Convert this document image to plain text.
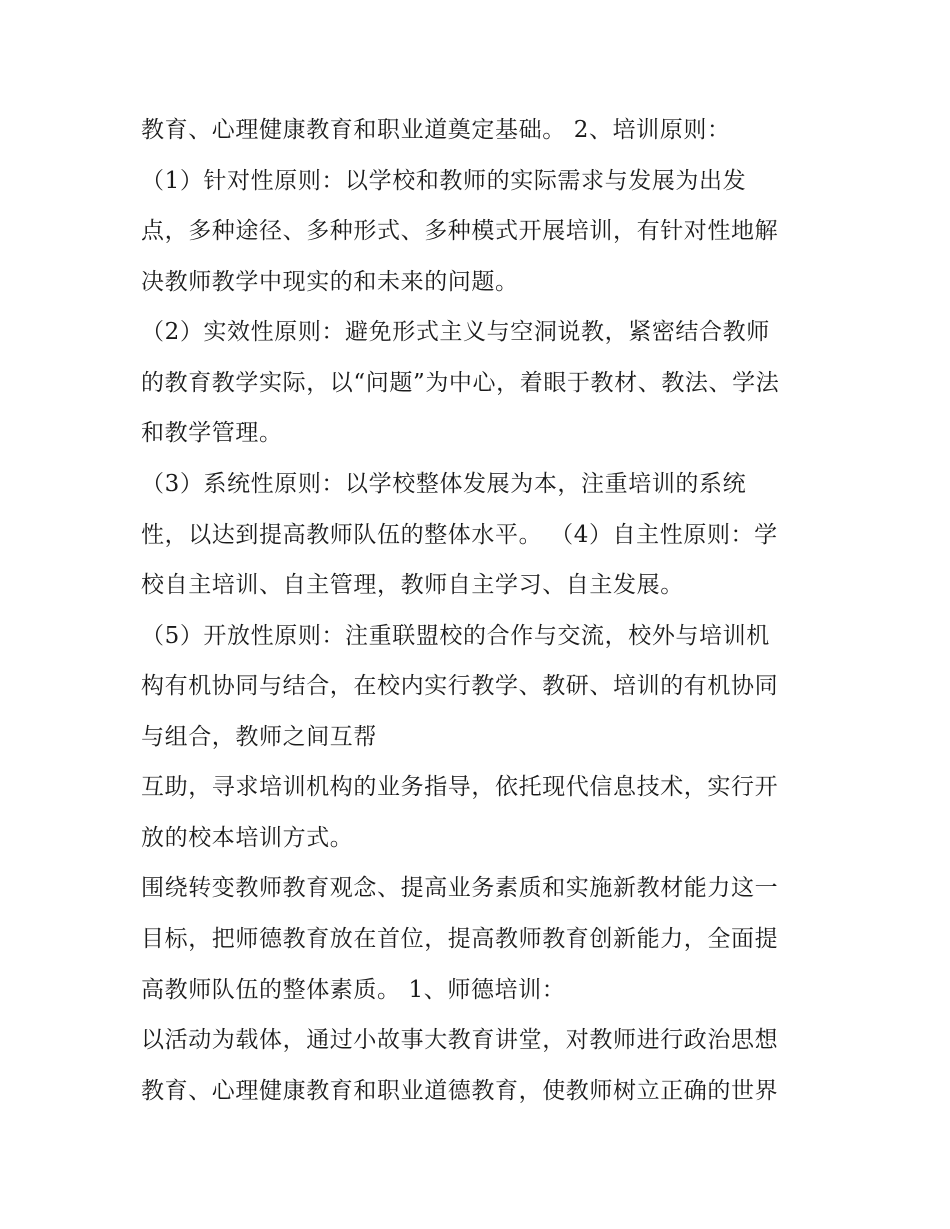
教育、心理健康教育和职业道奠定基础。 2、培训原则：
（1）针对性原则：以学校和教师的实际需求与发展为出发
点，多种途径、多种形式、多种模式开展培训，有针对性地解
决教师教学中现实的和未来的问题。
（2）实效性原则：避免形式主义与空洞说教，紧密结合教师
的教育教学实际，以“问题”为中心，着眼于教材、教法、学法
和教学管理。
（3）系统性原则：以学校整体发展为本，注重培训的系统
性，以达到提高教师队伍的整体水平。 （4）自主性原则：学
校自主培训、自主管理，教师自主学习、自主发展。
（5）开放性原则：注重联盟校的合作与交流，校外与培训机
构有机协同与结合，在校内实行教学、教研、培训的有机协同
与组合，教师之间互帮
互助，寻求培训机构的业务指导，依托现代信息技术，实行开
放的校本培训方式。
围绕转变教师教育观念、提高业务素质和实施新教材能力这一
目标，把师德教育放在首位，提高教师教育创新能力，全面提
高教师队伍的整体素质。 1、师德培训：
以活动为载体，通过小故事大教育讲堂，对教师进行政治思想
教育、心理健康教育和职业道德教育，使教师树立正确的世界
